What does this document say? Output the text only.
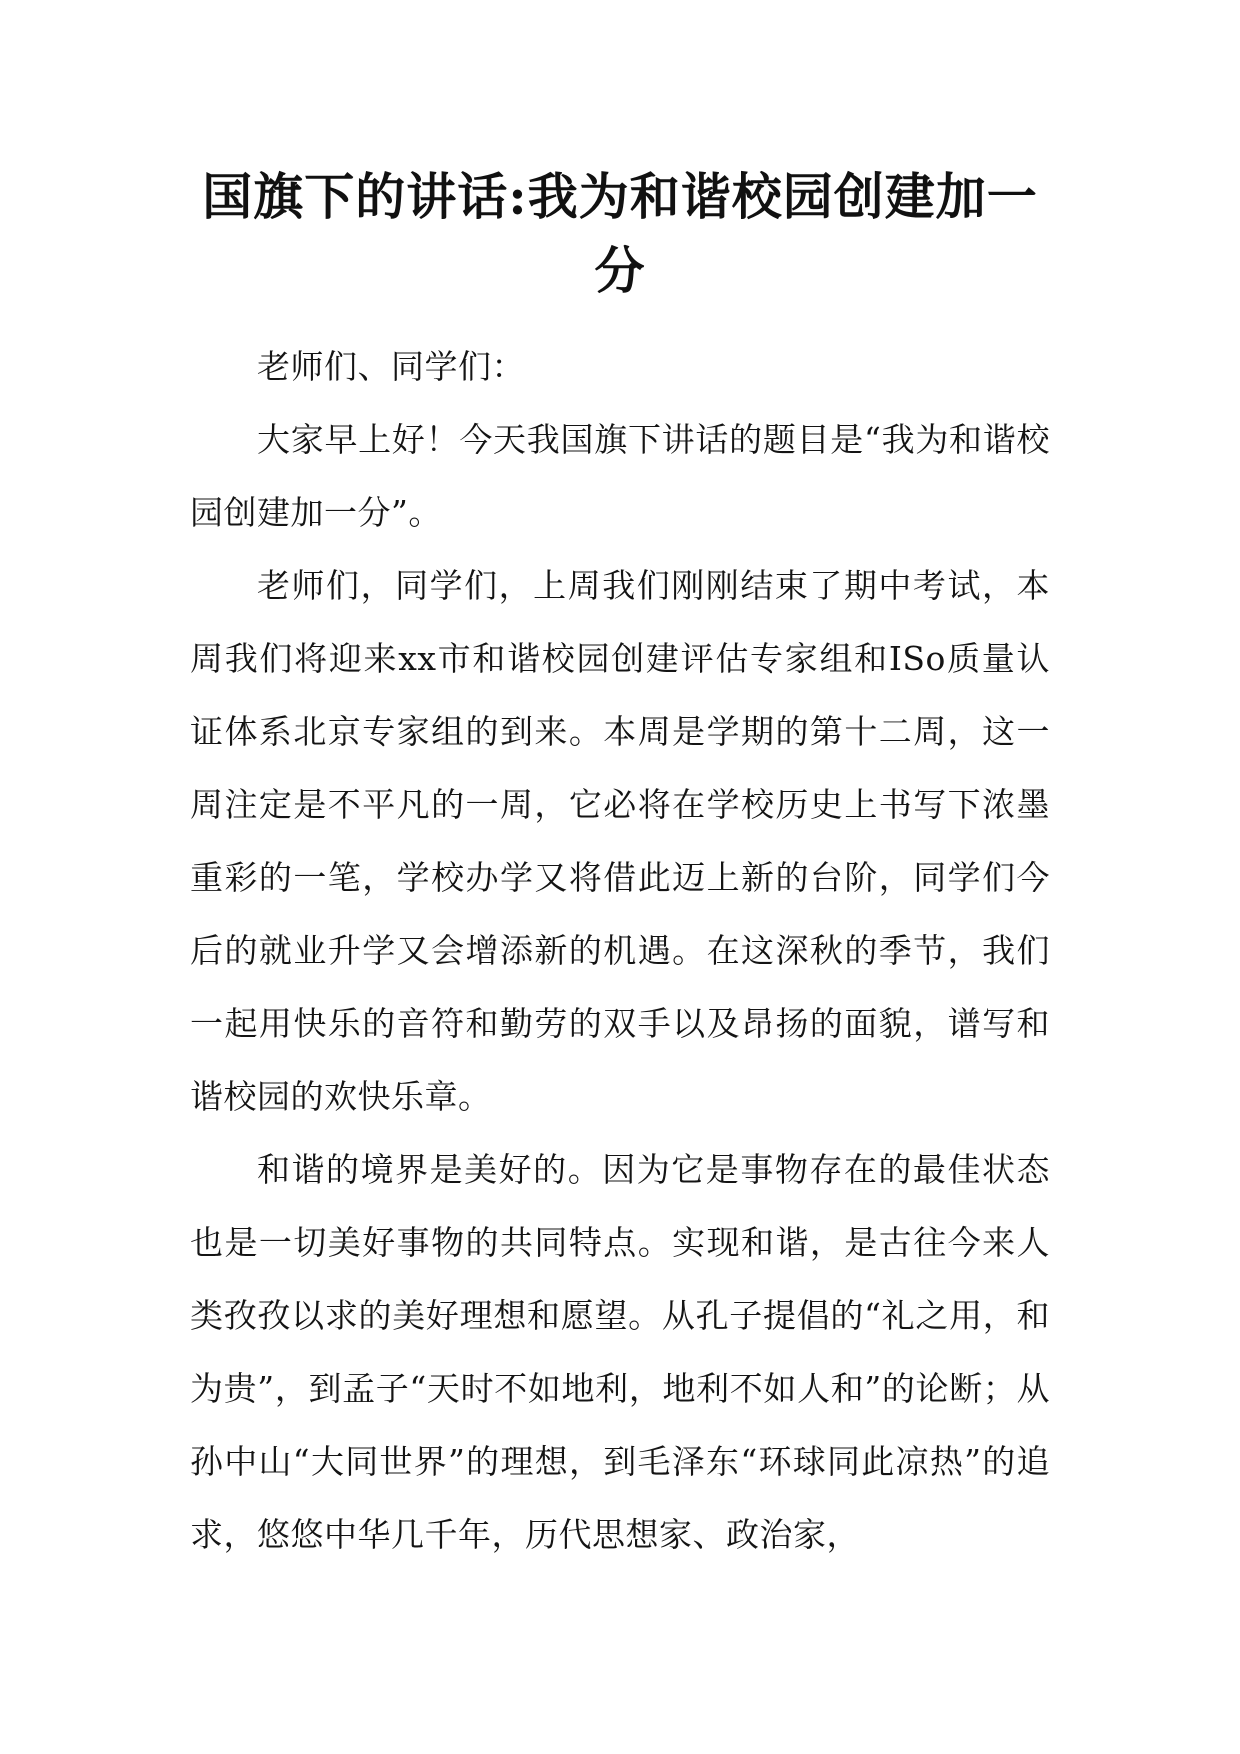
国旗下的讲话:我为和谐校园创建加一分

老师们、同学们：

大家早上好！今天我国旗下讲话的题目是“我为和谐校园创建加一分”。

老师们，同学们，上周我们刚刚结束了期中考试，本周我们将迎来xx市和谐校园创建评估专家组和ISo质量认证体系北京专家组的到来。本周是学期的第十二周，这一周注定是不平凡的一周，它必将在学校历史上书写下浓墨重彩的一笔，学校办学又将借此迈上新的台阶，同学们今后的就业升学又会增添新的机遇。在这深秋的季节，我们一起用快乐的音符和勤劳的双手以及昂扬的面貌，谱写和谐校园的欢快乐章。

和谐的境界是美好的。因为它是事物存在的最佳状态也是一切美好事物的共同特点。实现和谐，是古往今来人类孜孜以求的美好理想和愿望。从孔子提倡的“礼之用，和为贵”，到孟子“天时不如地利，地利不如人和”的论断；从孙中山“大同世界”的理想，到毛泽东“环球同此凉热”的追求，悠悠中华几千年，历代思想家、政治家，
